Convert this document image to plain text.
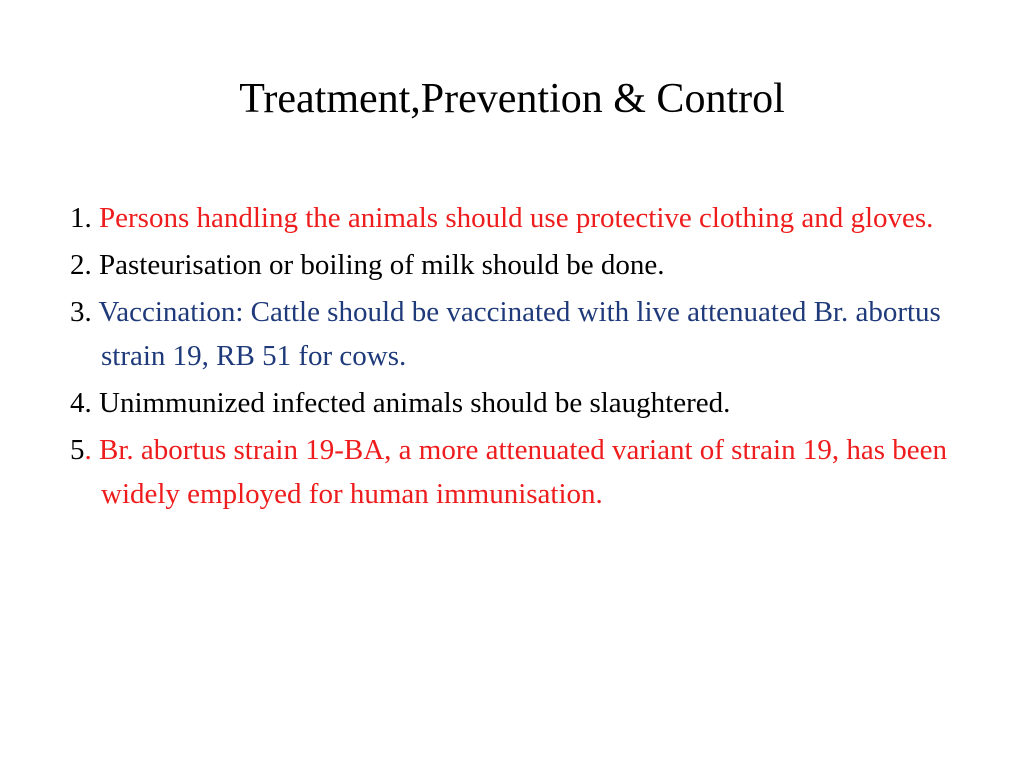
Treatment,Prevention & Control
1. Persons handling the animals should use protective clothing and gloves.
2. Pasteurisation or boiling of milk should be done.
3. Vaccination: Cattle should be vaccinated with live attenuated Br. abortus strain 19, RB 51 for cows.
4. Unimmunized infected animals should be slaughtered.
5. Br. abortus strain 19-BA, a more attenuated variant of strain 19, has been widely employed for human immunisation.
